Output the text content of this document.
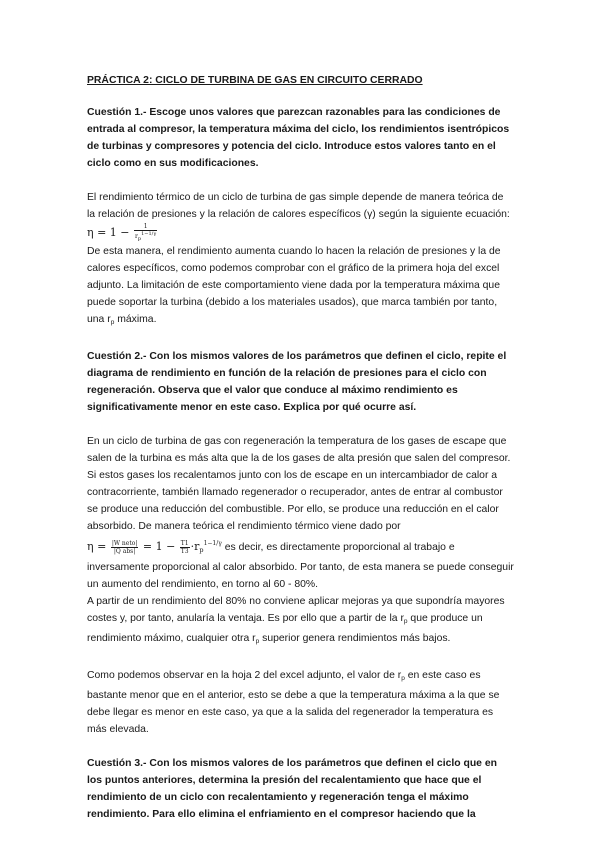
PRÁCTICA 2: CICLO DE TURBINA DE GAS EN CIRCUITO CERRADO

Cuestión 1.- Escoge unos valores que parezcan razonables para las condiciones de entrada al compresor, la temperatura máxima del ciclo, los rendimientos isentrópicos de turbinas y compresores y potencia del ciclo. Introduce estos valores tanto en el ciclo como en sus modificaciones.

El rendimiento térmico de un ciclo de turbina de gas simple depende de manera teórica de la relación de presiones y la relación de calores específicos (γ) según la siguiente ecuación: $\eta = 1 - \frac{1}{r_p^{1-1/\gamma}}$

De esta manera, el rendimiento aumenta cuando lo hacen la relación de presiones y la de calores específicos, como podemos comprobar con el gráfico de la primera hoja del excel adjunto. La limitación de este comportamiento viene dada por la temperatura máxima que puede soportar la turbina (debido a los materiales usados), que marca también por tanto, una $r_p$ máxima.

Cuestión 2.- Con los mismos valores de los parámetros que definen el ciclo, repite el diagrama de rendimiento en función de la relación de presiones para el ciclo con regeneración. Observa que el valor que conduce al máximo rendimiento es significativamente menor en este caso. Explica por qué ocurre así.

En un ciclo de turbina de gas con regeneración la temperatura de los gases de escape que salen de la turbina es más alta que la de los gases de alta presión que salen del compresor. Si estos gases los recalentamos junto con los de escape en un intercambiador de calor a contracorriente, también llamado regenerador o recuperador, antes de entrar al combustor se produce una reducción del combustible. Por ello, se produce una reducción en el calor absorbido. De manera teórica el rendimiento térmico viene dado por $\eta = \frac{\text{|W neto|}}{\text{|Q abs|}} = 1 - \frac{T1}{T3} \cdot r_p^{1-1/\gamma}$ es decir, es directamente proporcional al trabajo e inversamente proporcional al calor absorbido. Por tanto, de esta manera se puede conseguir un aumento del rendimiento, en torno al 60 - 80%.

A partir de un rendimiento del 80% no conviene aplicar mejoras ya que supondría mayores costes y, por tanto, anularía la ventaja. Es por ello que a partir de la $r_p$ que produce un rendimiento máximo, cualquier otra $r_p$ superior genera rendimientos más bajos.

Como podemos observar en la hoja 2 del excel adjunto, el valor de $r_p$ en este caso es bastante menor que en el anterior, esto se debe a que la temperatura máxima a la que se debe llegar es menor en este caso, ya que a la salida del regenerador la temperatura es más elevada.

Cuestión 3.- Con los mismos valores de los parámetros que definen el ciclo que en los puntos anteriores, determina la presión del recalentamiento que hace que el rendimiento de un ciclo con recalentamiento y regeneración tenga el máximo rendimiento. Para ello elimina el enfriamiento en el compresor haciendo que la
